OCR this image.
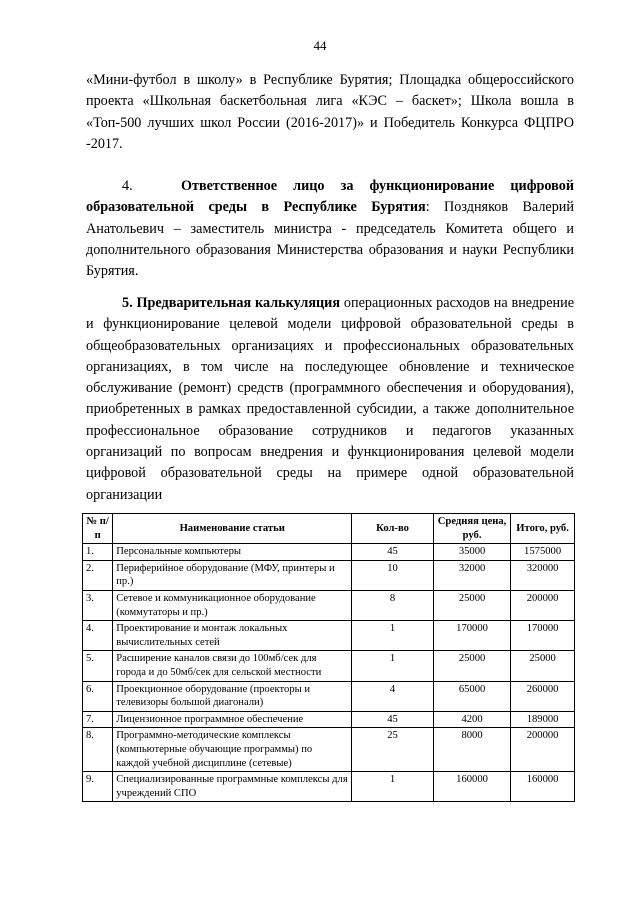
44

«Мини-футбол в школу» в Республике Бурятия; Площадка общероссийского проекта «Школьная баскетбольная лига «КЭС – баскет»; Школа вошла в «Топ-500 лучших школ России (2016-2017)» и Победитель Конкурса ФЦПРО -2017.

4.	Ответственное лицо за функционирование цифровой образовательной среды в Республике Бурятия: Поздняков Валерий Анатольевич – заместитель министра - председатель Комитета общего и дополнительного образования Министерства образования и науки Республики Бурятия.

5. Предварительная калькуляция операционных расходов на внедрение и функционирование целевой модели цифровой образовательной среды в общеобразовательных организациях и профессиональных образовательных организациях, в том числе на последующее обновление и техническое обслуживание (ремонт) средств (программного обеспечения и оборудования), приобретенных в рамках предоставленной субсидии, а также дополнительное профессиональное образование сотрудников и педагогов указанных организаций по вопросам внедрения и функционирования целевой модели цифровой образовательной среды на примере одной образовательной организации

№ п/п	Наименование статьи	Кол-во	Средняя цена, руб.	Итого, руб.
1.	Персональные компьютеры	45	35000	1575000
2.	Периферийное оборудование (МФУ, принтеры и пр.)	10	32000	320000
3.	Сетевое и коммуникационное оборудование (коммутаторы и пр.)	8	25000	200000
4.	Проектирование и монтаж локальных вычислительных сетей	1	170000	170000
5.	Расширение каналов связи до 100мб/сек для города и до 50мб/сек для сельской местности	1	25000	25000
6.	Проекционное оборудование (проекторы и телевизоры большой диагонали)	4	65000	260000
7.	Лицензионное программное обеспечение	45	4200	189000
8.	Программно-методические комплексы (компьютерные обучающие программы) по каждой учебной дисциплине (сетевые)	25	8000	200000
9.	Специализированные программные комплексы для учреждений СПО	1	160000	160000
